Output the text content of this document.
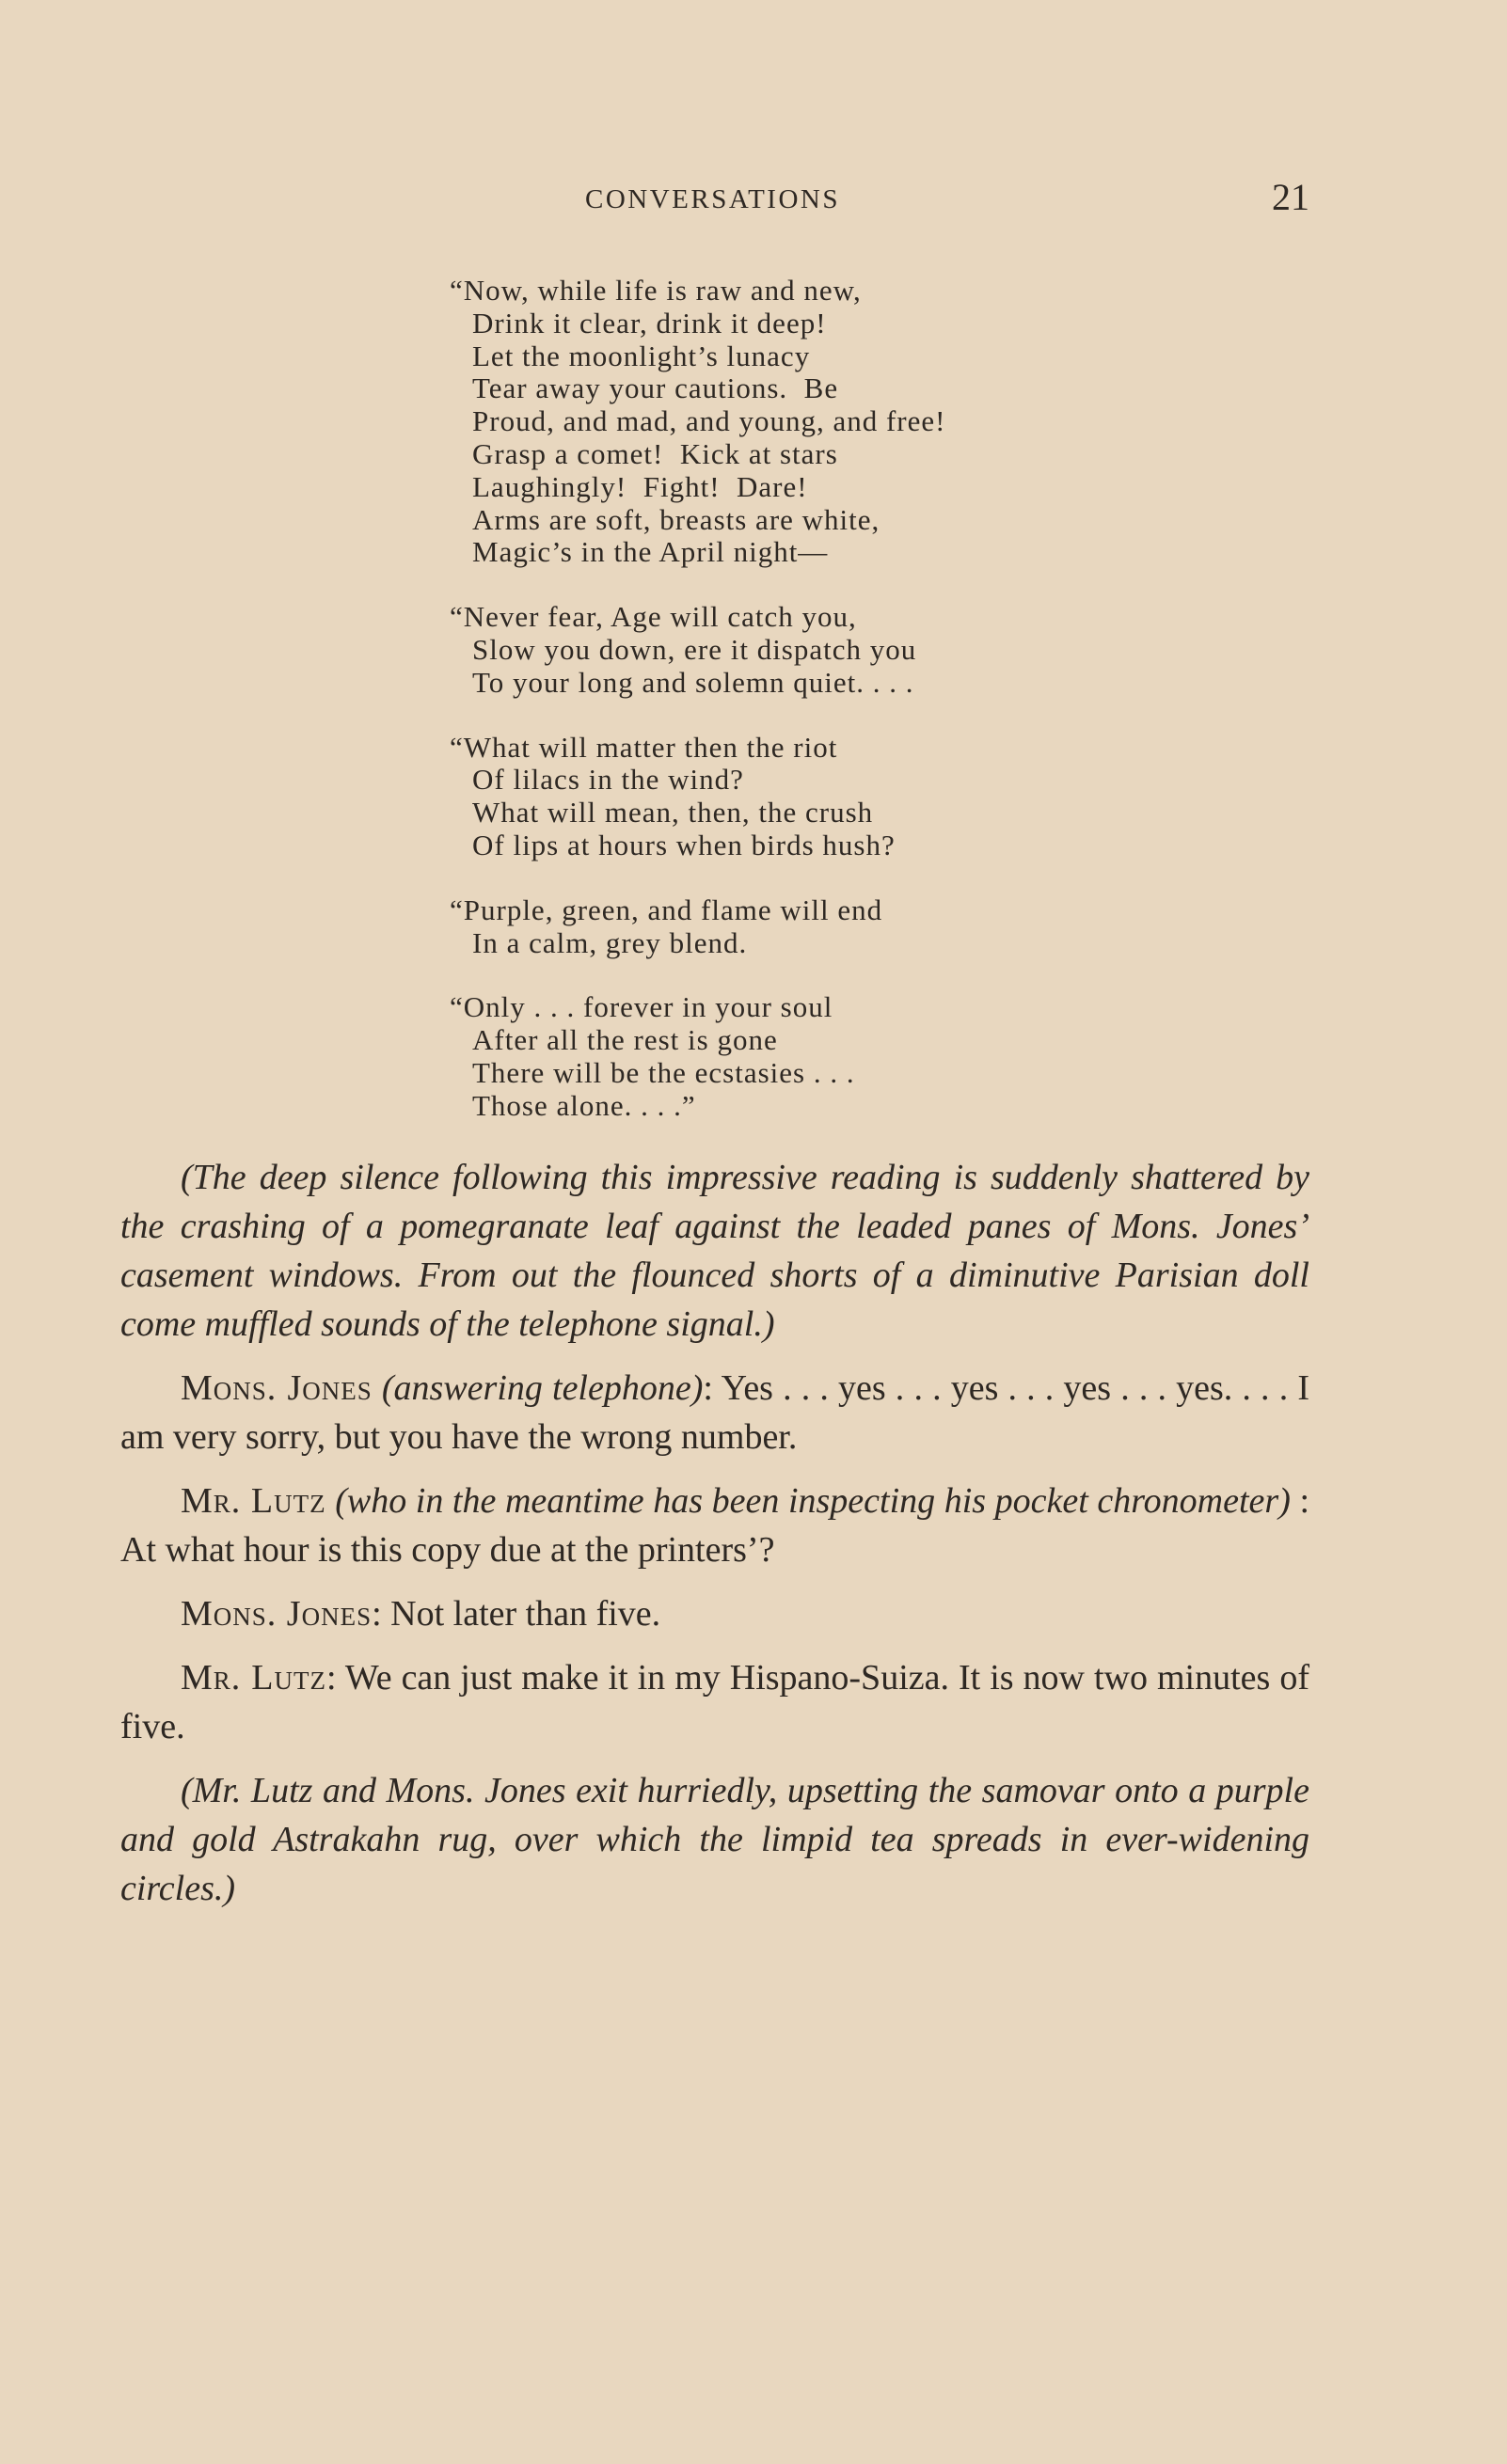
CONVERSATIONS	21
“Now, while life is raw and new,
Drink it clear, drink it deep!
Let the moonlight’s lunacy
Tear away your cautions.  Be
Proud, and mad, and young, and free!
Grasp a comet!  Kick at stars
Laughingly!  Fight!  Dare!
Arms are soft, breasts are white,
Magic’s in the April night—
“Never fear, Age will catch you,
Slow you down, ere it dispatch you
To your long and solemn quiet. . . .
“What will matter then the riot
Of lilacs in the wind?
What will mean, then, the crush
Of lips at hours when birds hush?
“Purple, green, and flame will end
In a calm, grey blend.
“Only . . . forever in your soul
After all the rest is gone
There will be the ecstasies . . .
Those alone. . . .”

(The deep silence following this impressive reading is suddenly shattered by the crashing of a pomegranate leaf against the leaded panes of Mons. Jones’ casement windows. From out the flounced shorts of a diminutive Parisian doll come muffled sounds of the telephone signal.)

Mons. Jones (answering telephone): Yes . . . yes . . . yes . . . yes . . . yes. . . . I am very sorry, but you have the wrong number.

Mr. Lutz (who in the meantime has been inspecting his pocket chronometer) : At what hour is this copy due at the printers’?

Mons. Jones: Not later than five.

Mr. Lutz: We can just make it in my Hispano-Suiza. It is now two minutes of five.

(Mr. Lutz and Mons. Jones exit hurriedly, upsetting the samovar onto a purple and gold Astrakahn rug, over which the limpid tea spreads in ever-widening circles.)
